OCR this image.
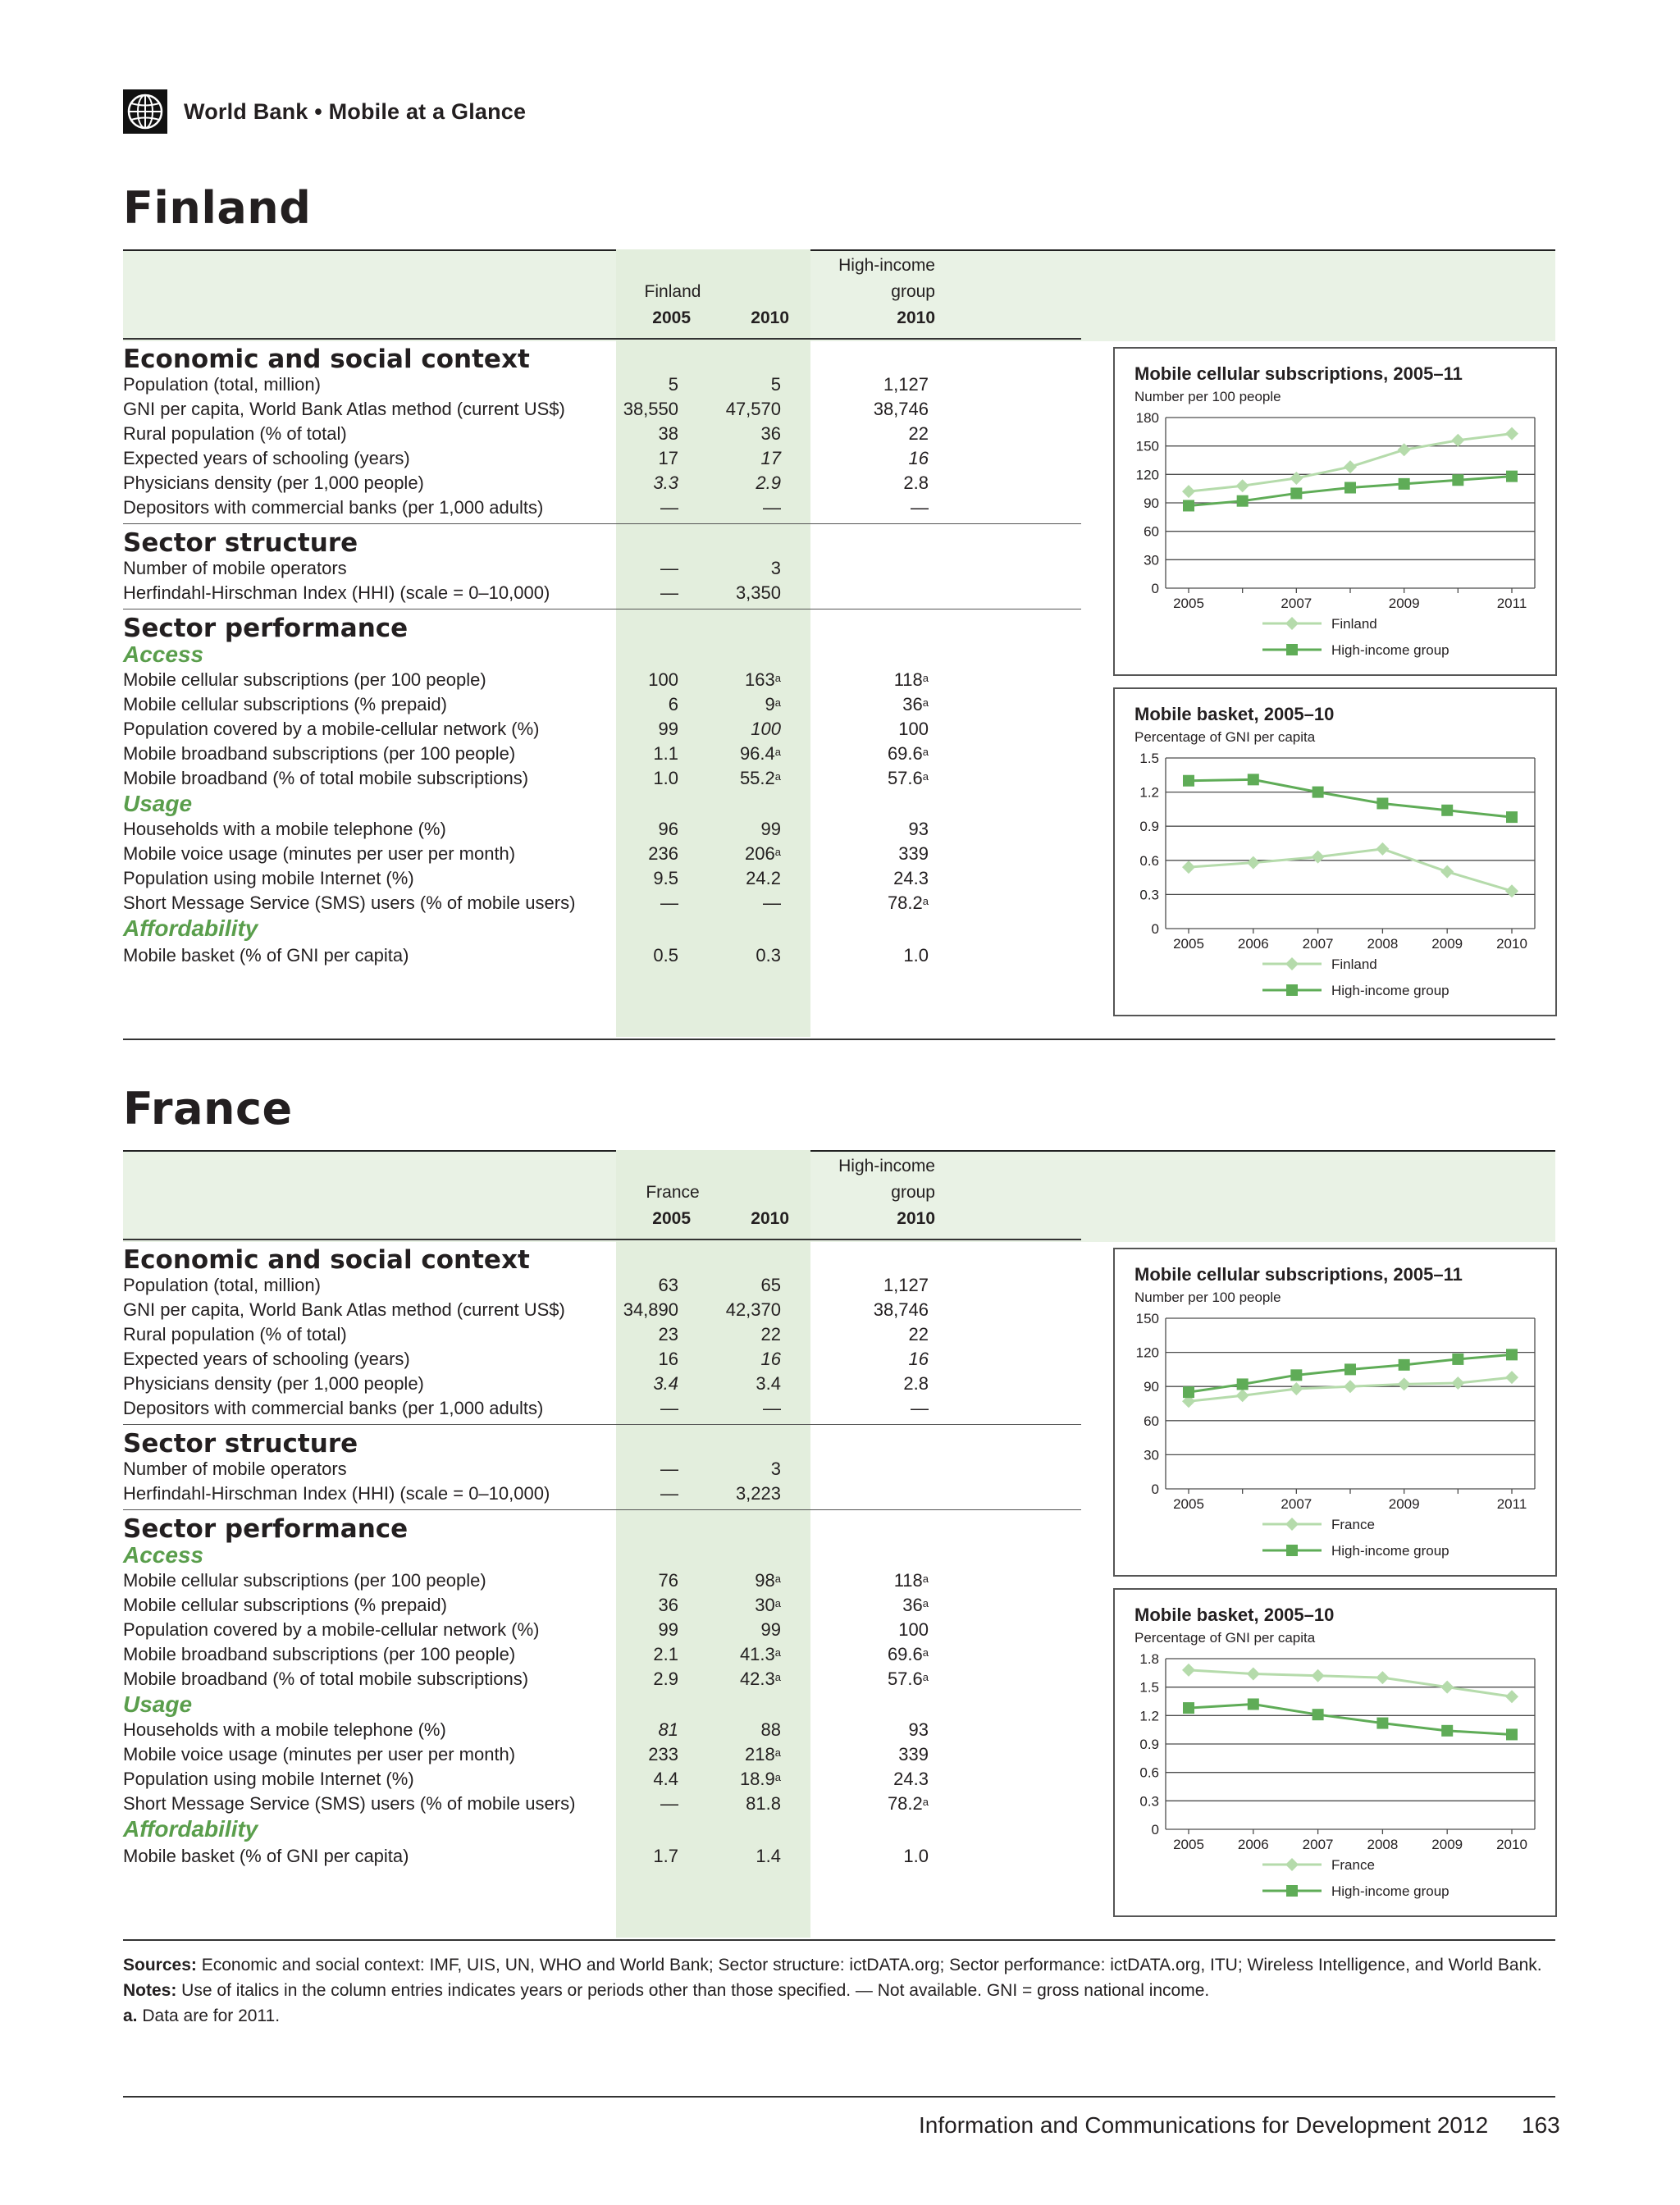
World Bank • Mobile at a Glance
Finland
Finland
2005	2010
High-income
group
2010
Economic and social context
Population (total, million)	5	5	1,127
GNI per capita, World Bank Atlas method (current US$)	38,550	47,570	38,746
Rural population (% of total)	38	36	22
Expected years of schooling (years)	17	17	16
Physicians density (per 1,000 people)	3.3	2.9	2.8
Depositors with commercial banks (per 1,000 adults)	—	—	—
Sector structure
Number of mobile operators	—	3
Herfindahl-Hirschman Index (HHI) (scale = 0–10,000)	—	3,350
Sector performance
Access
Mobile cellular subscriptions (per 100 people)	100	163$^a$	118$^a$
Mobile cellular subscriptions (% prepaid)	6	9$^a$	36$^a$
Population covered by a mobile-cellular network (%)	99	100	100
Mobile broadband subscriptions (per 100 people)	1.1	96.4$^a$	69.6$^a$
Mobile broadband (% of total mobile subscriptions)	1.0	55.2$^a$	57.6$^a$
Usage
Households with a mobile telephone (%)	96	99	93
Mobile voice usage (minutes per user per month)	236	206$^a$	339
Population using mobile Internet (%)	9.5	24.2	24.3
Short Message Service (SMS) users (% of mobile users)	—	—	78.2$^a$
Affordability
Mobile basket (% of GNI per capita)	0.5	0.3	1.0
Mobile cellular subscriptions, 2005–11
Number per 100 people
0
30
60
90
120
150
180
2005	2007	2009	2011
Finland
High-income group
Mobile basket, 2005–10
Percentage of GNI per capita
0
0.3
0.6
0.9
1.2
1.5
2005 2006 2007 2008 2009 2010
Finland
High-income group
France
France
2005	2010
High-income
group
2010
Economic and social context
Population (total, million)	63	65	1,127
GNI per capita, World Bank Atlas method (current US$)	34,890	42,370	38,746
Rural population (% of total)	23	22	22
Expected years of schooling (years)	16	16	16
Physicians density (per 1,000 people)	3.4	3.4	2.8
Depositors with commercial banks (per 1,000 adults)	—	—	—
Sector structure
Number of mobile operators	—	3
Herfindahl-Hirschman Index (HHI) (scale = 0–10,000)	—	3,223
Sector performance
Access
Mobile cellular subscriptions (per 100 people)	76	98$^a$	118$^a$
Mobile cellular subscriptions (% prepaid)	36	30$^a$	36$^a$
Population covered by a mobile-cellular network (%)	99	99	100
Mobile broadband subscriptions (per 100 people)	2.1	41.3$^a$	69.6$^a$
Mobile broadband (% of total mobile subscriptions)	2.9	42.3$^a$	57.6$^a$
Usage
Households with a mobile telephone (%)	81	88	93
Mobile voice usage (minutes per user per month)	233	218$^a$	339
Population using mobile Internet (%)	4.4	18.9$^a$	24.3
Short Message Service (SMS) users (% of mobile users)	—	81.8	78.2$^a$
Affordability
Mobile basket (% of GNI per capita)	1.7	1.4	1.0
Mobile cellular subscriptions, 2005–11
Number per 100 people
0
30
60
90
120
150
2005	2007	2009	2011
France
High-income group
Mobile basket, 2005–10
Percentage of GNI per capita
0
0.3
0.6
0.9
1.2
1.5
1.8
2005 2006 2007 2008 2009 2010
France
High-income group
Sources: Economic and social context: IMF, UIS, UN, WHO and World Bank; Sector structure: ictDATA.org; Sector performance: ictDATA.org, ITU; Wireless Intelligence, and World Bank.
Notes: Use of italics in the column entries indicates years or periods other than those specified. — Not available. GNI = gross national income.
a. Data are for 2011.
Information and Communications for Development 2012 163
